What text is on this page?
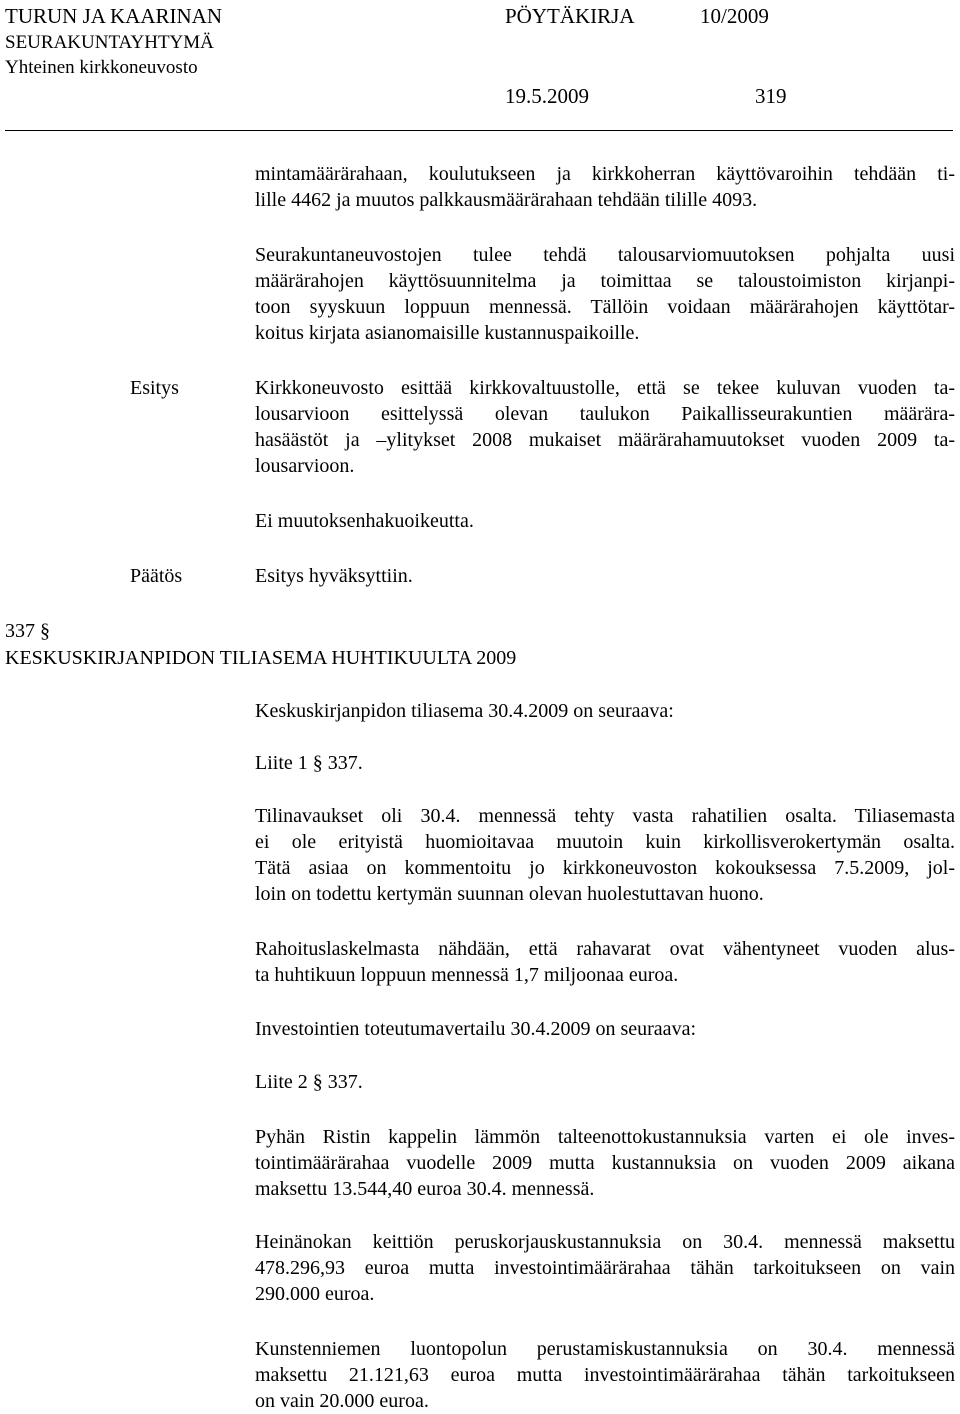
TURUN JA KAARINAN
SEURAKUNTAYHTYMÄ
Yhteinen kirkkoneuvosto
PÖYTÄKIRJA	10/2009
19.5.2009	319
mintamäärärahaan, koulutukseen ja kirkkoherran käyttövaroihin tehdään ti-
lille 4462 ja muutos palkkausmäärärahaan tehdään tilille 4093.
Seurakuntaneuvostojen tulee tehdä talousarviomuutoksen pohjalta uusi
määrärahojen käyttösuunnitelma ja toimittaa se taloustoimiston kirjanpi-
toon syyskuun loppuun mennessä. Tällöin voidaan määrärahojen käyttötar-
koitus kirjata asianomaisille kustannuspaikoille.
Esitys	Kirkkoneuvosto esittää kirkkovaltuustolle, että se tekee kuluvan vuoden ta-
lousarvioon esittelyssä olevan taulukon Paikallisseurakuntien määrära-
hasäästöt ja –ylitykset 2008 mukaiset määrärahamuutokset vuoden 2009 ta-
lousarvioon.
Ei muutoksenhakuoikeutta.
Päätös	Esitys hyväksyttiin.
337 §
KESKUSKIRJANPIDON TILIASEMA HUHTIKUULTA 2009
Keskuskirjanpidon tiliasema 30.4.2009 on seuraava:
Liite 1 § 337.
Tilinavaukset oli 30.4. mennessä tehty vasta rahatilien osalta. Tiliasemasta
ei ole erityistä huomioitavaa muutoin kuin kirkollisverokertymän osalta.
Tätä asiaa on kommentoitu jo kirkkoneuvoston kokouksessa 7.5.2009, jol-
loin on todettu kertymän suunnan olevan huolestuttavan huono.
Rahoituslaskelmasta nähdään, että rahavarat ovat vähentyneet vuoden alus-
ta huhtikuun loppuun mennessä 1,7 miljoonaa euroa.
Investointien toteutumavertailu 30.4.2009 on seuraava:
Liite 2 § 337.
Pyhän Ristin kappelin lämmön talteenottokustannuksia varten ei ole inves-
tointimäärärahaa vuodelle 2009 mutta kustannuksia on vuoden 2009 aikana
maksettu 13.544,40 euroa 30.4. mennessä.
Heinänokan keittiön peruskorjauskustannuksia on 30.4. mennessä maksettu
478.296,93 euroa mutta investointimäärärahaa tähän tarkoitukseen on vain
290.000 euroa.
Kunstenniemen luontopolun perustamiskustannuksia on 30.4. mennessä
maksettu 21.121,63 euroa mutta investointimäärärahaa tähän tarkoitukseen
on vain 20.000 euroa.
